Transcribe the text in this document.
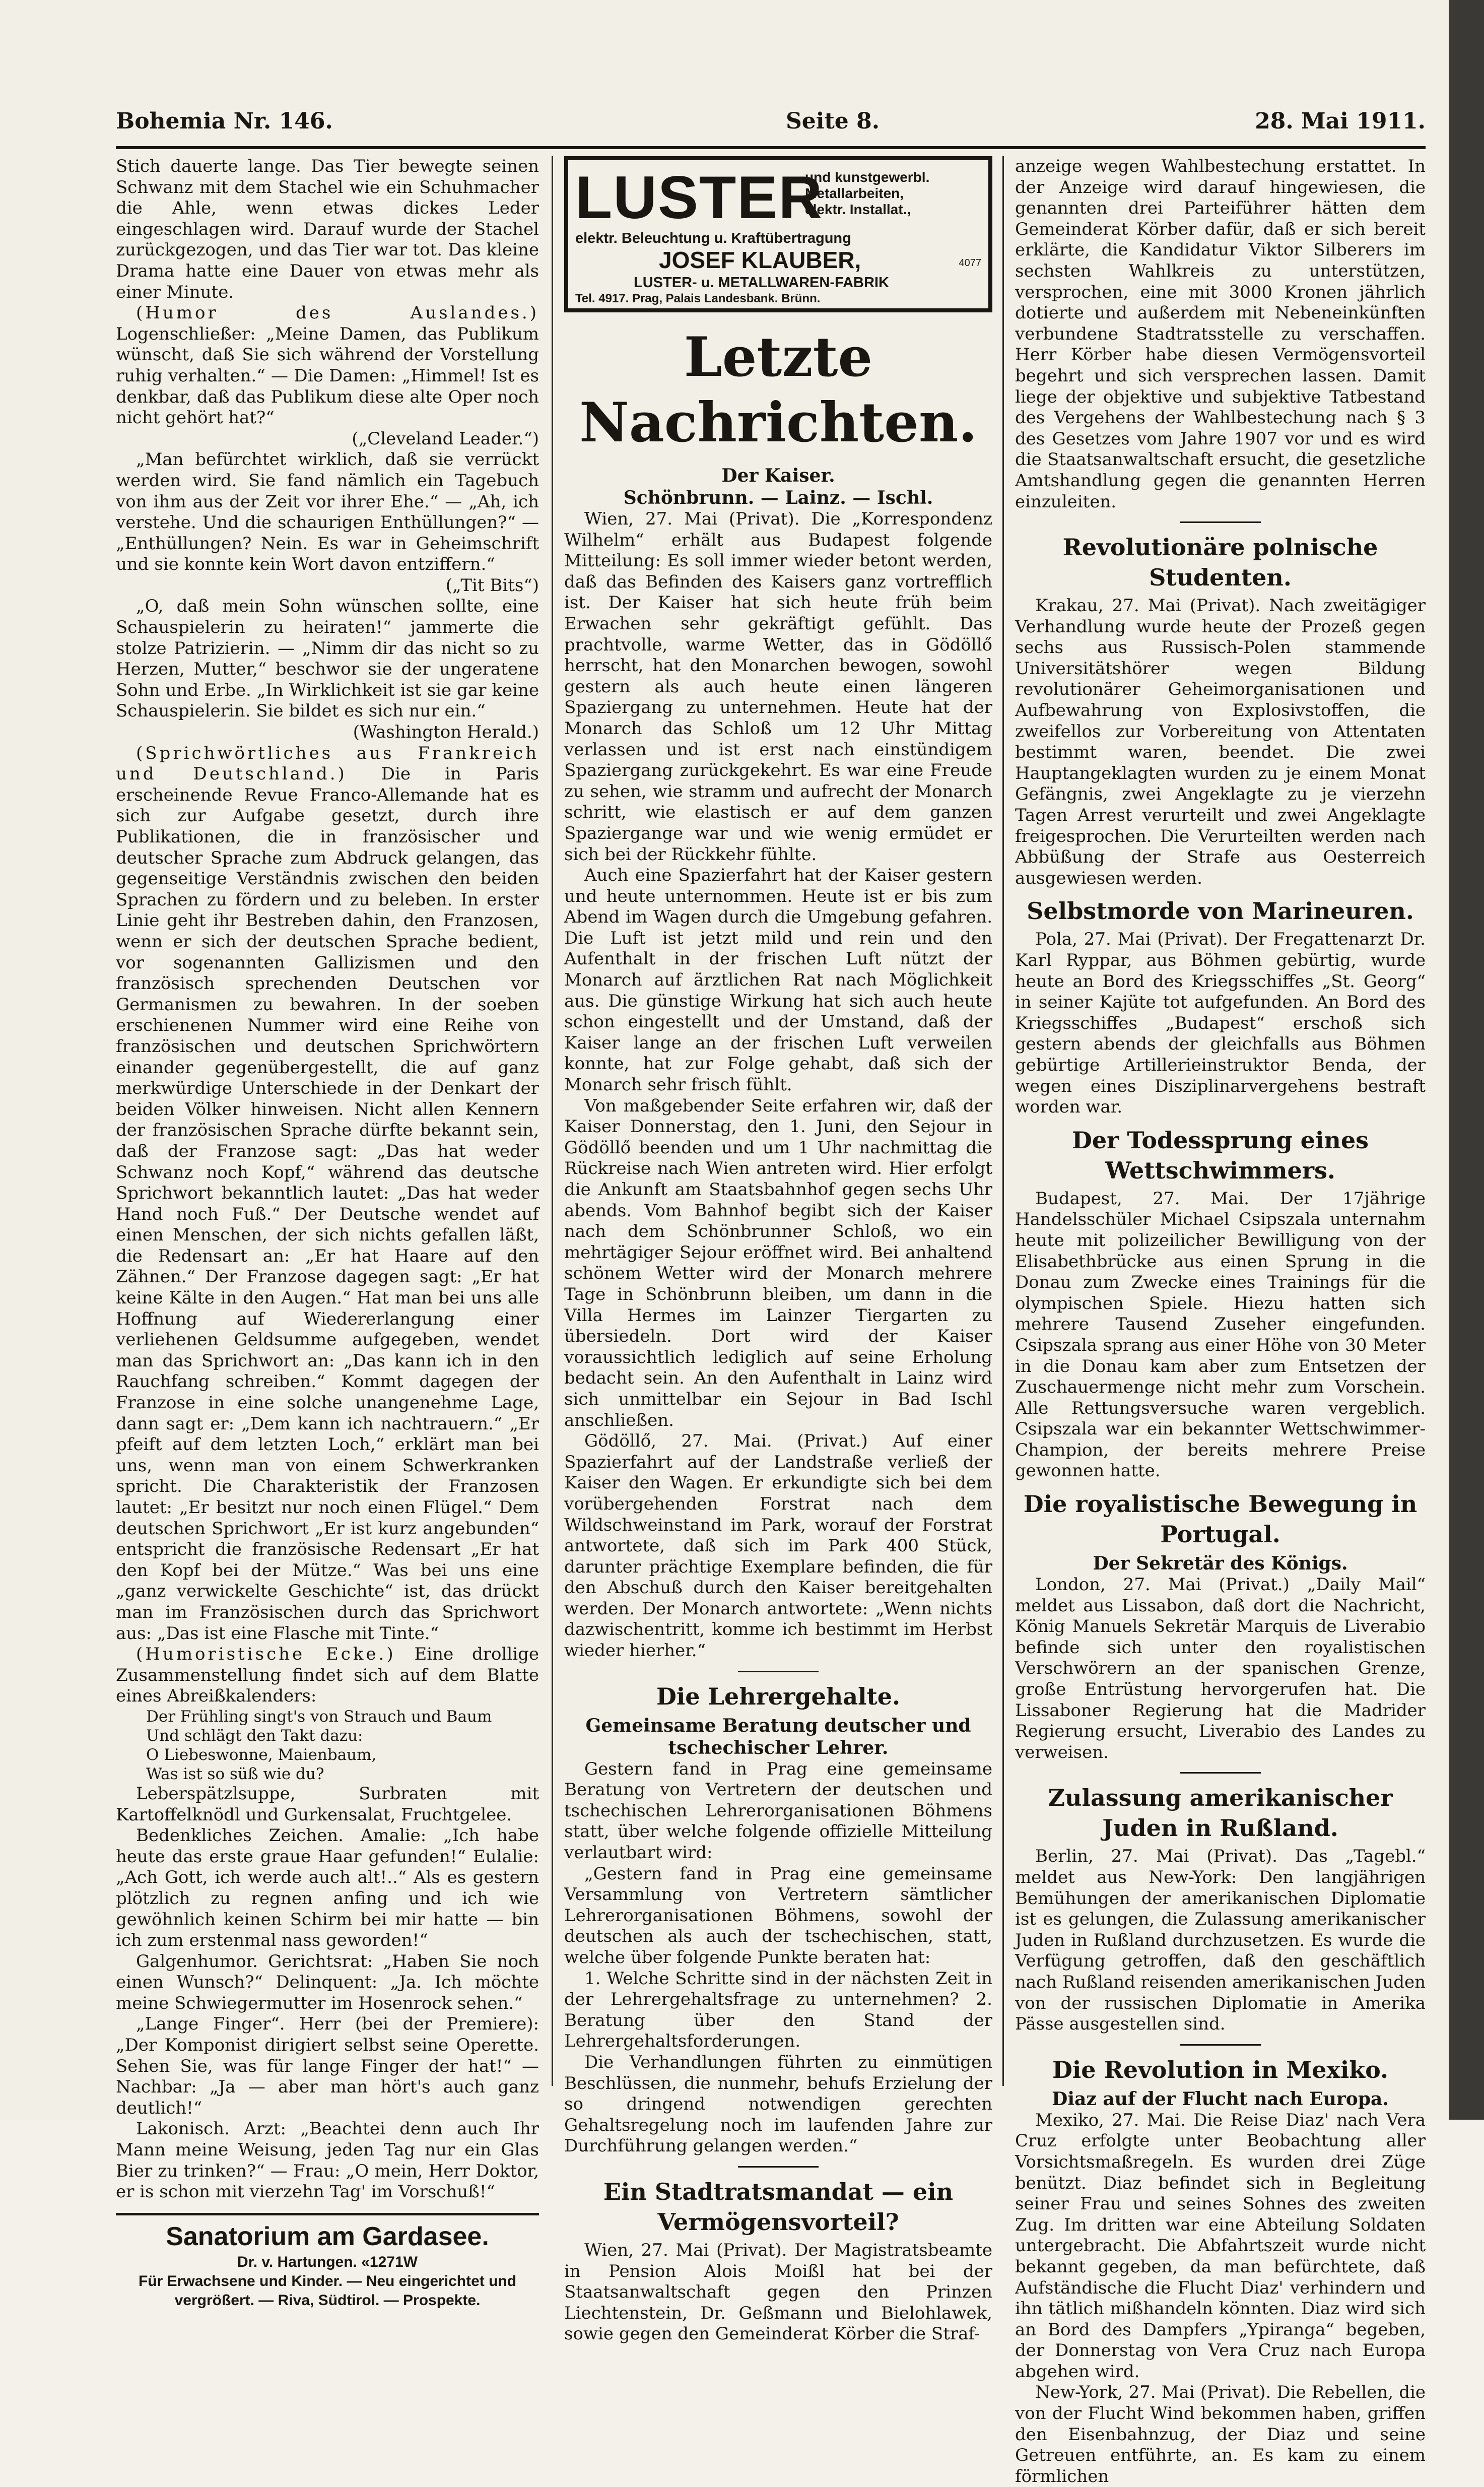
Bohemia Nr. 146.	Seite 8.	28. Mai 1911.

Stich dauerte lange. Das Tier bewegte seinen Schwanz mit dem Stachel wie ein Schuhmacher die Ahle, wenn etwas dickes Leder eingeschlagen wird. Darauf wurde der Stachel zurückgezogen, und das Tier war tot. Das kleine Drama hatte eine Dauer von etwas mehr als einer Minute.

(Humor des Auslandes.) Logenschließer: „Meine Damen, das Publikum wünscht, daß Sie sich während der Vorstellung ruhig verhalten.“ — Die Damen: „Himmel! Ist es denkbar, daß das Publikum diese alte Oper noch nicht gehört hat?“

(„Cleveland Leader.“)

„Man befürchtet wirklich, daß sie verrückt werden wird. Sie fand nämlich ein Tagebuch von ihm aus der Zeit vor ihrer Ehe.“ — „Ah, ich verstehe. Und die schaurigen Enthüllungen?“ — „Enthüllungen? Nein. Es war in Geheimschrift und sie konnte kein Wort davon entziffern.“

(„Tit Bits“)

„O, daß mein Sohn wünschen sollte, eine Schauspielerin zu heiraten!“ jammerte die stolze Patrizierin. — „Nimm dir das nicht so zu Herzen, Mutter,“ beschwor sie der ungeratene Sohn und Erbe. „In Wirklichkeit ist sie gar keine Schauspielerin. Sie bildet es sich nur ein.“

(Washington Herald.)

(Sprichwörtliches aus Frankreich und Deutschland.) Die in Paris erscheinende Revue Franco-Allemande hat es sich zur Aufgabe gesetzt, durch ihre Publikationen, die in französischer und deutscher Sprache zum Abdruck gelangen, das gegenseitige Verständnis zwischen den beiden Sprachen zu fördern und zu beleben. In erster Linie geht ihr Bestreben dahin, den Franzosen, wenn er sich der deutschen Sprache bedient, vor sogenannten Gallizismen und den französisch sprechenden Deutschen vor Germanismen zu bewahren. In der soeben erschienenen Nummer wird eine Reihe von französischen und deutschen Sprichwörtern einander gegenübergestellt, die auf ganz merkwürdige Unterschiede in der Denkart der beiden Völker hinweisen. Nicht allen Kennern der französischen Sprache dürfte bekannt sein, daß der Franzose sagt: „Das hat weder Schwanz noch Kopf,“ während das deutsche Sprichwort bekanntlich lautet: „Das hat weder Hand noch Fuß.“ Der Deutsche wendet auf einen Menschen, der sich nichts gefallen läßt, die Redensart an: „Er hat Haare auf den Zähnen.“ Der Franzose dagegen sagt: „Er hat keine Kälte in den Augen.“ Hat man bei uns alle Hoffnung auf Wiedererlangung einer verliehenen Geldsumme aufgegeben, wendet man das Sprichwort an: „Das kann ich in den Rauchfang schreiben.“ Kommt dagegen der Franzose in eine solche unangenehme Lage, dann sagt er: „Dem kann ich nachtrauern.“ „Er pfeift auf dem letzten Loch,“ erklärt man bei uns, wenn man von einem Schwerkranken spricht. Die Charakteristik der Franzosen lautet: „Er besitzt nur noch einen Flügel.“ Dem deutschen Sprichwort „Er ist kurz angebunden“ entspricht die französische Redensart „Er hat den Kopf bei der Mütze.“ Was bei uns eine „ganz verwickelte Geschichte“ ist, das drückt man im Französischen durch das Sprichwort aus: „Das ist eine Flasche mit Tinte.“

(Humoristische Ecke.) Eine drollige Zusammenstellung findet sich auf dem Blatte eines Abreißkalenders:

Der Frühling singt's von Strauch und Baum
Und schlägt den Takt dazu:
O Liebeswonne, Maienbaum,
Was ist so süß wie du?

Leberspätzlsuppe, Surbraten mit Kartoffelknödl und Gurkensalat, Fruchtgelee.

Bedenkliches Zeichen. Amalie: „Ich habe heute das erste graue Haar gefunden!“ Eulalie: „Ach Gott, ich werde auch alt!..“ Als es gestern plötzlich zu regnen anfing und ich wie gewöhnlich keinen Schirm bei mir hatte — bin ich zum erstenmal nass geworden!“

Galgenhumor. Gerichtsrat: „Haben Sie noch einen Wunsch?“ Delinquent: „Ja. Ich möchte meine Schwiegermutter im Hosenrock sehen.“

„Lange Finger“. Herr (bei der Premiere): „Der Komponist dirigiert selbst seine Operette. Sehen Sie, was für lange Finger der hat!“ — Nachbar: „Ja — aber man hört's auch ganz deutlich!“

Lakonisch. Arzt: „Beachtei denn auch Ihr Mann meine Weisung, jeden Tag nur ein Glas Bier zu trinken?“ — Frau: „O mein, Herr Doktor, er is schon mit vierzehn Tag' im Vorschuß!“

Sanatorium am Gardasee.
Dr. v. Hartungen. «1271W
Für Erwachsene und Kinder. — Neu eingerichtet und vergrößert. — Riva, Südtirol. — Prospekte.
LUSTER
und kunstgewerbl.
Metallarbeiten,
elektr. Installat.,
elektr. Beleuchtung u. Kraftübertragung
JOSEF KLAUBER,	4077
LUSTER- u. METALLWAREN-FABRIK
Tel. 4917. Prag, Palais Landesbank. Brünn.
Letzte Nachrichten.
Der Kaiser.
Schönbrunn. — Lainz. — Ischl.

Wien, 27. Mai (Privat). Die „Korrespondenz Wilhelm“ erhält aus Budapest folgende Mitteilung: Es soll immer wieder betont werden, daß das Befinden des Kaisers ganz vortrefflich ist. Der Kaiser hat sich heute früh beim Erwachen sehr gekräftigt gefühlt. Das prachtvolle, warme Wetter, das in Gödöllő herrscht, hat den Monarchen bewogen, sowohl gestern als auch heute einen längeren Spaziergang zu unternehmen. Heute hat der Monarch das Schloß um 12 Uhr Mittag verlassen und ist erst nach einstündigem Spaziergang zurückgekehrt. Es war eine Freude zu sehen, wie stramm und aufrecht der Monarch schritt, wie elastisch er auf dem ganzen Spaziergange war und wie wenig ermüdet er sich bei der Rückkehr fühlte.

Auch eine Spazierfahrt hat der Kaiser gestern und heute unternommen. Heute ist er bis zum Abend im Wagen durch die Umgebung gefahren. Die Luft ist jetzt mild und rein und den Aufenthalt in der frischen Luft nützt der Monarch auf ärztlichen Rat nach Möglichkeit aus. Die günstige Wirkung hat sich auch heute schon eingestellt und der Umstand, daß der Kaiser lange an der frischen Luft verweilen konnte, hat zur Folge gehabt, daß sich der Monarch sehr frisch fühlt.

Von maßgebender Seite erfahren wir, daß der Kaiser Donnerstag, den 1. Juni, den Sejour in Gödöllő beenden und um 1 Uhr nachmittag die Rückreise nach Wien antreten wird. Hier erfolgt die Ankunft am Staatsbahnhof gegen sechs Uhr abends. Vom Bahnhof begibt sich der Kaiser nach dem Schönbrunner Schloß, wo ein mehrtägiger Sejour eröffnet wird. Bei anhaltend schönem Wetter wird der Monarch mehrere Tage in Schönbrunn bleiben, um dann in die Villa Hermes im Lainzer Tiergarten zu übersiedeln. Dort wird der Kaiser voraussichtlich lediglich auf seine Erholung bedacht sein. An den Aufenthalt in Lainz wird sich unmittelbar ein Sejour in Bad Ischl anschließen.

Gödöllő, 27. Mai. (Privat.) Auf einer Spazierfahrt auf der Landstraße verließ der Kaiser den Wagen. Er erkundigte sich bei dem vorübergehenden Forstrat nach dem Wildschweinstand im Park, worauf der Forstrat antwortete, daß sich im Park 400 Stück, darunter prächtige Exemplare befinden, die für den Abschuß durch den Kaiser bereitgehalten werden. Der Monarch antwortete: „Wenn nichts dazwischentritt, komme ich bestimmt im Herbst wieder hierher.“

Die Lehrergehalte.
Gemeinsame Beratung deutscher und tschechischer Lehrer.

Gestern fand in Prag eine gemeinsame Beratung von Vertretern der deutschen und tschechischen Lehrerorganisationen Böhmens statt, über welche folgende offizielle Mitteilung verlautbart wird:

„Gestern fand in Prag eine gemeinsame Versammlung von Vertretern sämtlicher Lehrerorganisationen Böhmens, sowohl der deutschen als auch der tschechischen, statt, welche über folgende Punkte beraten hat:

1. Welche Schritte sind in der nächsten Zeit in der Lehrergehaltsfrage zu unternehmen? 2. Beratung über den Stand der Lehrergehaltsforderungen.

Die Verhandlungen führten zu einmütigen Beschlüssen, die nunmehr, behufs Erzielung der so dringend notwendigen gerechten Gehaltsregelung noch im laufenden Jahre zur Durchführung gelangen werden.“

Ein Stadtratsmandat — ein Vermögensvorteil?

Wien, 27. Mai (Privat). Der Magistratsbeamte in Pension Alois Moißl hat bei der Staatsanwaltschaft gegen den Prinzen Liechtenstein, Dr. Geßmann und Bielohlawek, sowie gegen den Gemeinderat Körber die Straf-

anzeige wegen Wahlbestechung erstattet. In der Anzeige wird darauf hingewiesen, die genannten drei Parteiführer hätten dem Gemeinderat Körber dafür, daß er sich bereit erklärte, die Kandidatur Viktor Silberers im sechsten Wahlkreis zu unterstützen, versprochen, eine mit 3000 Kronen jährlich dotierte und außerdem mit Nebeneinkünften verbundene Stadtratsstelle zu verschaffen. Herr Körber habe diesen Vermögensvorteil begehrt und sich versprechen lassen. Damit liege der objektive und subjektive Tatbestand des Vergehens der Wahlbestechung nach § 3 des Gesetzes vom Jahre 1907 vor und es wird die Staatsanwaltschaft ersucht, die gesetzliche Amtshandlung gegen die genannten Herren einzuleiten.

Revolutionäre polnische Studenten.

Krakau, 27. Mai (Privat). Nach zweitägiger Verhandlung wurde heute der Prozeß gegen sechs aus Russisch-Polen stammende Universitätshörer wegen Bildung revolutionärer Geheimorganisationen und Aufbewahrung von Explosivstoffen, die zweifellos zur Vorbereitung von Attentaten bestimmt waren, beendet. Die zwei Hauptangeklagten wurden zu je einem Monat Gefängnis, zwei Angeklagte zu je vierzehn Tagen Arrest verurteilt und zwei Angeklagte freigesprochen. Die Verurteilten werden nach Abbüßung der Strafe aus Oesterreich ausgewiesen werden.

Selbstmorde von Marineuren.

Pola, 27. Mai (Privat). Der Fregattenarzt Dr. Karl Ryppar, aus Böhmen gebürtig, wurde heute an Bord des Kriegsschiffes „St. Georg“ in seiner Kajüte tot aufgefunden. An Bord des Kriegsschiffes „Budapest“ erschoß sich gestern abends der gleichfalls aus Böhmen gebürtige Artillerieinstruktor Benda, der wegen eines Disziplinarvergehens bestraft worden war.

Der Todessprung eines Wettschwimmers.

Budapest, 27. Mai. Der 17jährige Handelsschüler Michael Csipszala unternahm heute mit polizeilicher Bewilligung von der Elisabethbrücke aus einen Sprung in die Donau zum Zwecke eines Trainings für die olympischen Spiele. Hiezu hatten sich mehrere Tausend Zuseher eingefunden. Csipszala sprang aus einer Höhe von 30 Meter in die Donau kam aber zum Entsetzen der Zuschauermenge nicht mehr zum Vorschein. Alle Rettungsversuche waren vergeblich. Csipszala war ein bekannter Wettschwimmer-Champion, der bereits mehrere Preise gewonnen hatte.

Die royalistische Bewegung in Portugal.
Der Sekretär des Königs.

London, 27. Mai (Privat.) „Daily Mail“ meldet aus Lissabon, daß dort die Nachricht, König Manuels Sekretär Marquis de Liverabio befinde sich unter den royalistischen Verschwörern an der spanischen Grenze, große Entrüstung hervorgerufen hat. Die Lissaboner Regierung hat die Madrider Regierung ersucht, Liverabio des Landes zu verweisen.

Zulassung amerikanischer Juden in Rußland.

Berlin, 27. Mai (Privat). Das „Tagebl.“ meldet aus New-York: Den langjährigen Bemühungen der amerikanischen Diplomatie ist es gelungen, die Zulassung amerikanischer Juden in Rußland durchzusetzen. Es wurde die Verfügung getroffen, daß den geschäftlich nach Rußland reisenden amerikanischen Juden von der russischen Diplomatie in Amerika Pässe ausgestellen sind.

Die Revolution in Mexiko.
Diaz auf der Flucht nach Europa.

Mexiko, 27. Mai. Die Reise Diaz' nach Vera Cruz erfolgte unter Beobachtung aller Vorsichtsmaßregeln. Es wurden drei Züge benützt. Diaz befindet sich in Begleitung seiner Frau und seines Sohnes des zweiten Zug. Im dritten war eine Abteilung Soldaten untergebracht. Die Abfahrtszeit wurde nicht bekannt gegeben, da man befürchtete, daß Aufständische die Flucht Diaz' verhindern und ihn tätlich mißhandeln könnten. Diaz wird sich an Bord des Dampfers „Ypiranga“ begeben, der Donnerstag von Vera Cruz nach Europa abgehen wird.

New-York, 27. Mai (Privat). Die Rebellen, die von der Flucht Wind bekommen haben, griffen den Eisenbahnzug, der Diaz und seine Getreuen entführte, an. Es kam zu einem förmlichen
